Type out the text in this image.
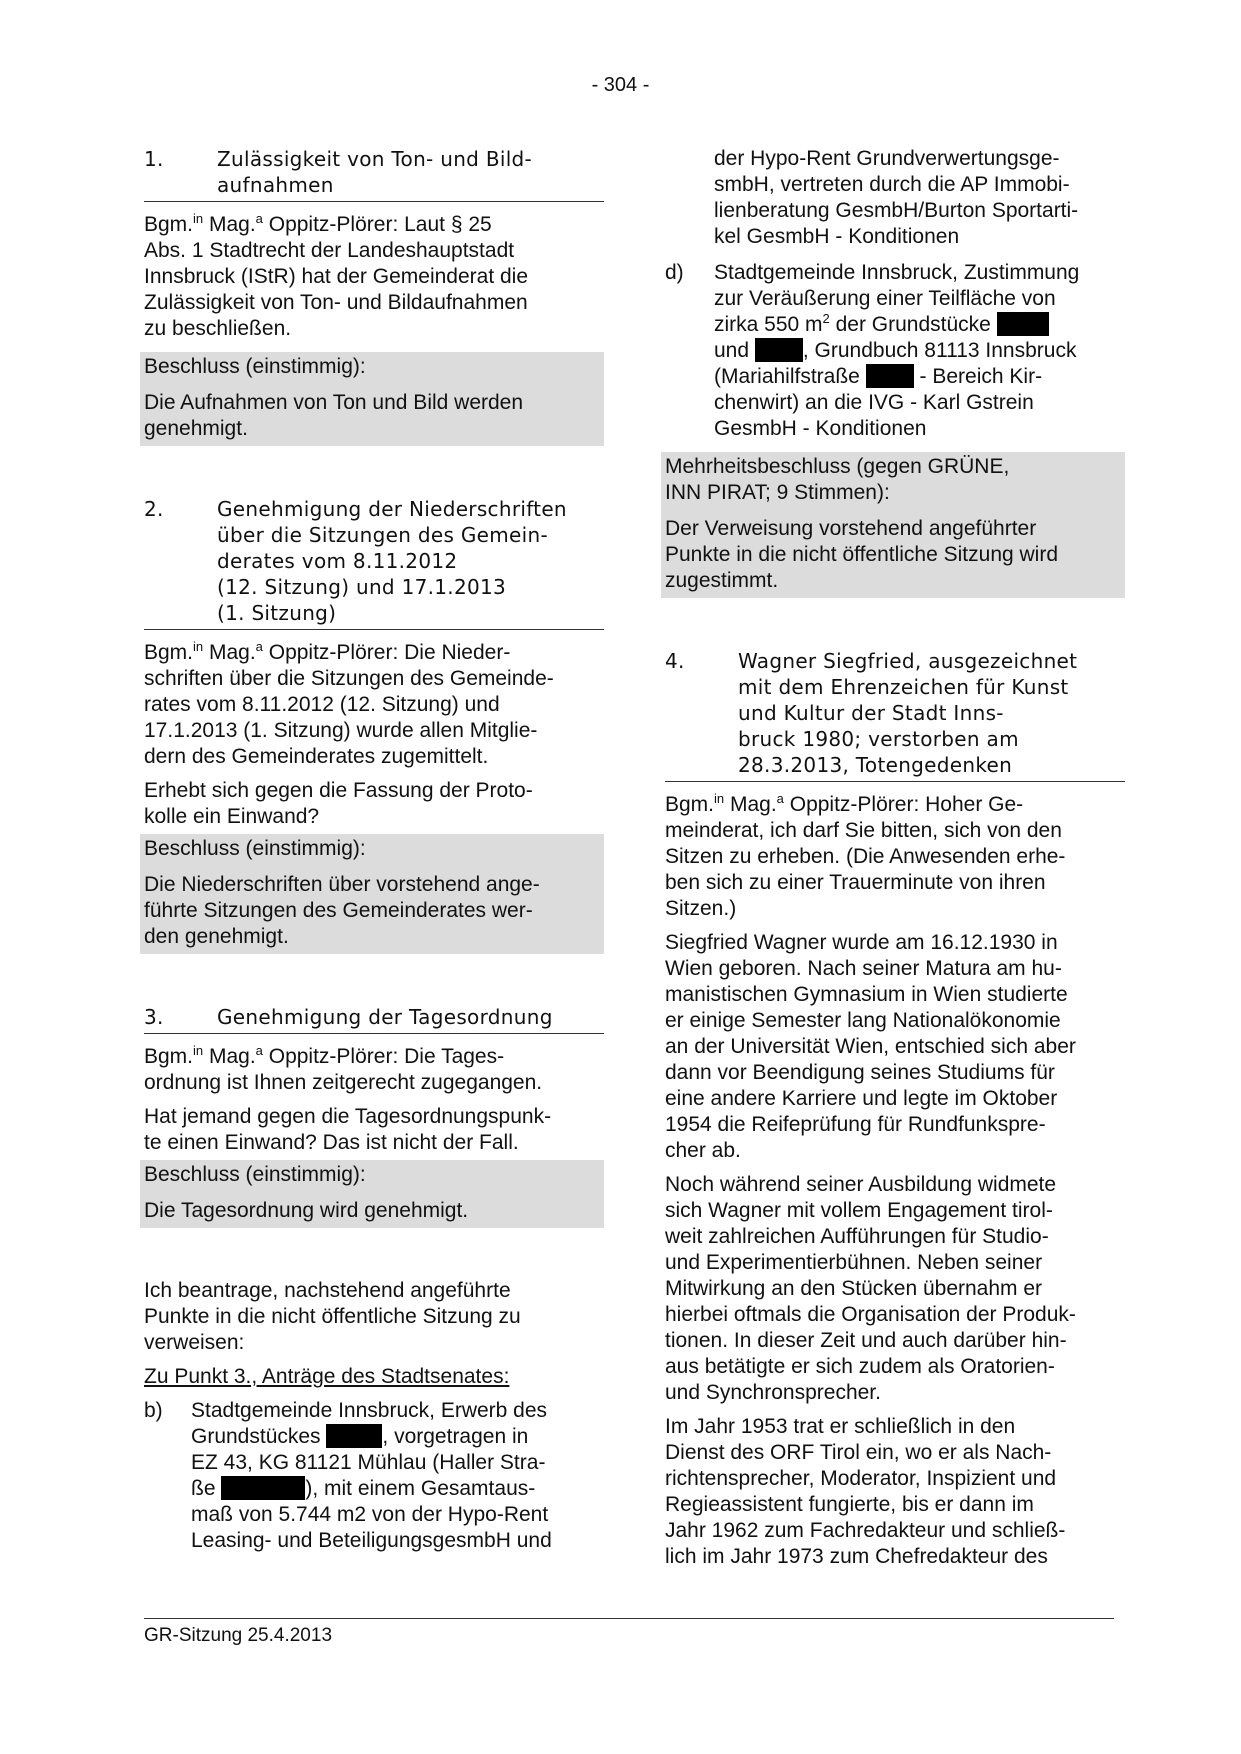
- 304 -
1.	Zulässigkeit von Ton- und Bild-
aufnahmen
Bgm.$^{in}$ Mag.$^a$ Oppitz-Plörer: Laut § 25
Abs. 1 Stadtrecht der Landeshauptstadt
Innsbruck (IStR) hat der Gemeinderat die
Zulässigkeit von Ton- und Bildaufnahmen
zu beschließen.
Beschluss (einstimmig):
Die Aufnahmen von Ton und Bild werden
genehmigt.
2.	Genehmigung der Niederschriften
über die Sitzungen des Gemein-
derates vom 8.11.2012
(12. Sitzung) und 17.1.2013
(1. Sitzung)
Bgm.$^{in}$ Mag.$^a$ Oppitz-Plörer: Die Nieder-
schriften über die Sitzungen des Gemeinde-
rates vom 8.11.2012 (12. Sitzung) und
17.1.2013 (1. Sitzung) wurde allen Mitglie-
dern des Gemeinderates zugemittelt.
Erhebt sich gegen die Fassung der Proto-
kolle ein Einwand?
Beschluss (einstimmig):
Die Niederschriften über vorstehend ange-
führte Sitzungen des Gemeinderates wer-
den genehmigt.
3.	Genehmigung der Tagesordnung
Bgm.$^{in}$ Mag.$^a$ Oppitz-Plörer: Die Tages-
ordnung ist Ihnen zeitgerecht zugegangen.
Hat jemand gegen die Tagesordnungspunk-
te einen Einwand? Das ist nicht der Fall.
Beschluss (einstimmig):
Die Tagesordnung wird genehmigt.
Ich beantrage, nachstehend angeführte
Punkte in die nicht öffentliche Sitzung zu
verweisen:
Zu Punkt 3., Anträge des Stadtsenates:
b)	Stadtgemeinde Innsbruck, Erwerb des
Grundstückes	, vorgetragen in
EZ 43, KG 81121 Mühlau (Haller Stra-
ße	), mit einem Gesamtaus-
maß von 5.744 m2 von der Hypo-Rent
Leasing- und BeteiligungsgesmbH und
der Hypo-Rent Grundverwertungsge-
smbH, vertreten durch die AP Immobi-
lienberatung GesmbH/Burton Sportarti-
kel GesmbH - Konditionen
d)	Stadtgemeinde Innsbruck, Zustimmung
zur Veräußerung einer Teilfläche von
zirka 550 $m^2$ der Grundstücke
und , Grundbuch 81113 Innsbruck
(Mariahilfstraße  - Bereich Kir-
chenwirt) an die IVG - Karl Gstrein
GesmbH - Konditionen
Mehrheitsbeschluss (gegen GRÜNE,
INN PIRAT; 9 Stimmen):
Der Verweisung vorstehend angeführter
Punkte in die nicht öffentliche Sitzung wird
zugestimmt.
4.	Wagner Siegfried, ausgezeichnet
mit dem Ehrenzeichen für Kunst
und Kultur der Stadt Inns-
bruck 1980; verstorben am
28.3.2013, Totengedenken
Bgm.$^{in}$ Mag.$^a$ Oppitz-Plörer: Hoher Ge-
meinderat, ich darf Sie bitten, sich von den
Sitzen zu erheben. (Die Anwesenden erhe-
ben sich zu einer Trauerminute von ihren
Sitzen.)
Siegfried Wagner wurde am 16.12.1930 in
Wien geboren. Nach seiner Matura am hu-
manistischen Gymnasium in Wien studierte
er einige Semester lang Nationalökonomie
an der Universität Wien, entschied sich aber
dann vor Beendigung seines Studiums für
eine andere Karriere und legte im Oktober
1954 die Reifeprüfung für Rundfunkspre-
cher ab.
Noch während seiner Ausbildung widmete
sich Wagner mit vollem Engagement tirol-
weit zahlreichen Aufführungen für Studio-
und Experimentierbühnen. Neben seiner
Mitwirkung an den Stücken übernahm er
hierbei oftmals die Organisation der Produk-
tionen. In dieser Zeit und auch darüber hin-
aus betätigte er sich zudem als Oratorien-
und Synchronsprecher.
Im Jahr 1953 trat er schließlich in den
Dienst des ORF Tirol ein, wo er als Nach-
richtensprecher, Moderator, Inspizient und
Regieassistent fungierte, bis er dann im
Jahr 1962 zum Fachredakteur und schließ-
lich im Jahr 1973 zum Chefredakteur des
GR-Sitzung 25.4.2013
